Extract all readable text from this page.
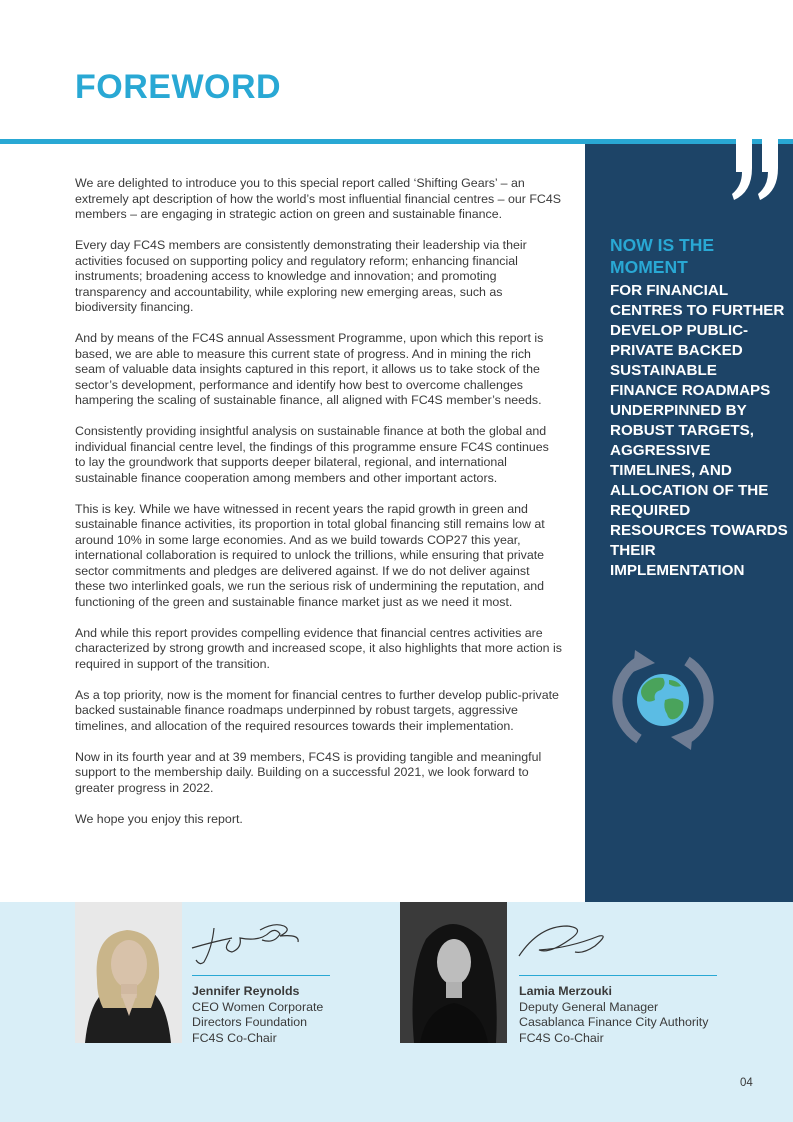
FOREWORD
NOW IS THE MOMENT
FOR FINANCIAL CENTRES TO FURTHER DEVELOP PUBLIC-PRIVATE BACKED SUSTAINABLE FINANCE ROADMAPS UNDERPINNED BY ROBUST TARGETS, AGGRESSIVE TIMELINES, AND ALLOCATION OF THE REQUIRED RESOURCES TOWARDS THEIR IMPLEMENTATION

We are delighted to introduce you to this special report called ‘Shifting Gears’ – an extremely apt description of how the world’s most influential financial centres – our FC4S members – are engaging in strategic action on green and sustainable finance.

Every day FC4S members are consistently demonstrating their leadership via their activities focused on supporting policy and regulatory reform; enhancing financial instruments; broadening access to knowledge and innovation; and promoting transparency and accountability, while exploring new emerging areas, such as biodiversity financing.

And by means of the FC4S annual Assessment Programme, upon which this report is based, we are able to measure this current state of progress. And in mining the rich seam of valuable data insights captured in this report, it allows us to take stock of the sector’s development, performance and identify how best to overcome challenges hampering the scaling of sustainable finance, all aligned with FC4S member’s needs.

Consistently providing insightful analysis on sustainable finance at both the global and individual financial centre level, the findings of this programme ensure FC4S continues to lay the groundwork that supports deeper bilateral, regional, and international sustainable finance cooperation among members and other important actors.

This is key. While we have witnessed in recent years the rapid growth in green and sustainable finance activities, its proportion in total global financing still remains low at around 10% in some large economies. And as we build towards COP27 this year, international collaboration is required to unlock the trillions, while ensuring that private sector commitments and pledges are delivered against. If we do not deliver against these two interlinked goals, we run the serious risk of undermining the reputation, and functioning of the green and sustainable finance market just as we need it most.

And while this report provides compelling evidence that financial centres activities are characterized by strong growth and increased scope, it also highlights that more action is required in support of the transition.

As a top priority, now is the moment for financial centres to further develop public-private backed sustainable finance roadmaps underpinned by robust targets, aggressive timelines, and allocation of the required resources towards their implementation.

Now in its fourth year and at 39 members, FC4S is providing tangible and meaningful support to the membership daily. Building on a successful 2021, we look forward to greater progress in 2022.

We hope you enjoy this report.

Jennifer Reynolds
CEO Women Corporate
Directors Foundation
FC4S Co-Chair
Lamia Merzouki
Deputy General Manager
Casablanca Finance City Authority
FC4S Co-Chair
04
